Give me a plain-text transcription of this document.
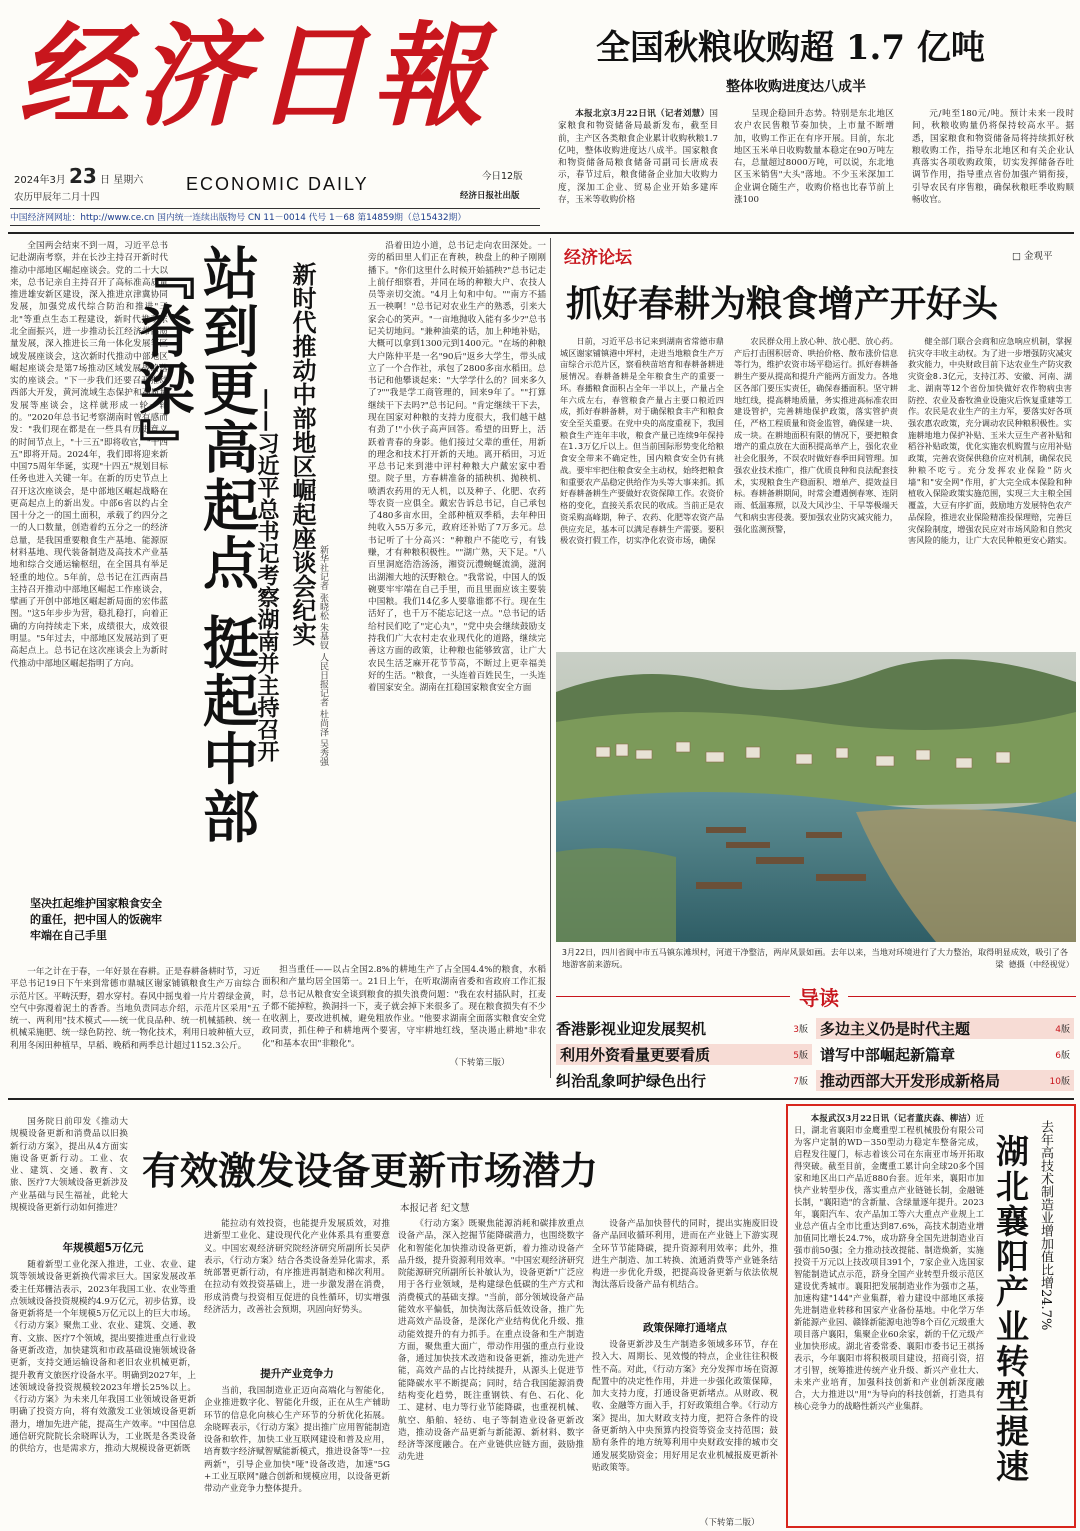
经济日報
2024年3月 23 日 星期六
农历甲辰年二月十四
ECONOMIC DAILY	今日12版
经济日报社出版
中国经济网网址：http://www.ce.cn 国内统一连续出版物号 CN 11－0014 代号 1－68 第14859期（总15432期）
全国秋粮收购超 1.7 亿吨
整体收购进度达八成半

本报北京3月22日讯（记者刘慧）国家粮食和物资储备局最新发布，截至目前，主产区各类粮食企业累计收购秋粮1.7亿吨，整体收购进度达八成半。国家粮食和物资储备局粮食储备司副司长唐成表示，春节过后，粮食储备企业加大收购力度，深加工企业、贸易企业开始多建库存，玉米等收购价格

呈现企稳回升态势。特别是东北地区农户农民售粮节奏加快，上市量不断增加，收购工作正在有序开展。目前，东北地区玉米单日收购数量本稳定在90万吨左右，总量超过8000万吨，可以说，东北地区玉米销售"大头"落地。不少玉米深加工企业调仓随生产，收购价格也比春节前上涨100

元/吨至180元/吨。预计未来一段时间，秋粮收购量仍将保持较高水平。据悉，国家粮食和物资储备局将持续抓好秋粮收购工作，指导东北地区和有关企业认真落实各项收购政策，切实发挥储备吞吐调节作用，指导重点省份加强产销衔接，引导农民有序售粮，确保秋粮旺季收购顺畅收官。

全国两会结束不到一周，习近平总书记赴湖南考察，并在长沙主持召开新时代推动中部地区崛起座谈会。党的二十大以来，总书记亲自主持召开了高标准高质量推进雄安新区建设，深入推进京津冀协同发展，加强党成代综合防治和推进"三北"等重点生态工程建设，新时代推动东北全面振兴，进一步推动长江经济带高质量发展，深入推进长三角一体化发展等区域发展座谈会，这次新时代推动中部地区崛起座谈会是第7场推动区域发展战略落实的座谈会。"下一步我们还要召开推动西部大开发，黄河流域生态保护和高质量发展等座谈会，这样就形成一轮一轮的。"2020年总书记考察湖南时曾有感而发："我们现在都是在一些具有历史意义的时间节点上，"十三五"即将收官，"十四五"即将开局。2024年，我们即将迎来新中国75周年华诞，实现"十四五"规划目标任务也进入关键一年。在新的历史节点上召开这次座谈会，是中部地区崛起战略在更高起点上的新出发。中部6省以约占全国十分之一的国土面积，承载了约四分之一的人口数量，创造着约五分之一的经济总量，是我国重要粮食生产基地、能源原材料基地、现代装备制造及高技术产业基地和综合交通运输枢纽，在全国具有举足轻重的地位。5年前，总书记在江西南昌主持召开推动中部地区崛起工作座谈会，擘画了开创中部地区崛起新局面的宏伟蓝图。"这5年步步为营，稳扎稳打，向着正确的方向持续走下来，成绩很大，成效很明显。"5年过去，中部地区发展站到了更高起点上。总书记在这次座谈会上为新时代推动中部地区崛起指明了方向。 站到更高起点 挺起中部『脊梁』	新时代推动中部地区崛起座谈会纪实
——习近平总书记考察湖南并主持召开	新华社记者 张晓松 朱基钗 人民日报记者 杜尚泽 吴秀强
坚决扛起维护国家粮食安全的重任，把中国人的饭碗牢牢端在自己手里

一年之计在于春，一年好景在春耕。正是春耕备耕时节，习近平总书记19日下午来到常德市鼎城区谢家铺镇粮食生产万亩综合示范片区。平畴沃野，碧水穿村。春风中摇曳着一片片碧绿金黄，空气中弥漫着泥土的香香。当地负责同志介绍，示范片区采用"五统一、两利用"技术模式——统一优良品种、统一机械插秧、统一机械采施肥、统一绿色防控、统一物化技术，利用日坡种植大豆，利用冬闲田种植早，早稻、晚稻和两季总计超过1152.3公斤。

沿着田边小道，总书记走向农田深处。一旁的稻田里人们正在育秧，秧盘上的种子刚刚播下。"你们这里什么时候开始插秧?"总书记走上前仔细察看，并同在场的种粮大户、农技人员等亲切交流。"4月上旬和中旬。""南方不插五一秧啊！"总书记对农业生产的熟悉，引来大家会心的笑声。"一亩地抛收入能有多少?"总书记关切地问。"兼种油菜的话，加上种地补贴，大概可以拿到1300元到1400元。"在场的种粮大户陈仲平是一名"90后"返乡大学生，带头成立了一个合作社，承包了2800多亩水稻田。总书记和他攀谈起来："大学学什么的？回来多久了?""我是学工商管理的，回来9年了。""打算继续干下去吗?"总书记问。"肯定继续干下去，现在国家对种粮的支持力度很大，我们越干越有劲了!"小伙子高声回答。希望的田野上，活跃着青春的身影。他们接过父辈的重任，用新的理念和技术打开新的天地。离开稻田，习近平总书记来到港中评村种粮大户戴宏家中看望。院子里，方春耕准备的插秧机、抛秧机、喷洒农药用的无人机，以及种子、化肥、农药等农资一应俱全。戴宏告诉总书记，自己承包了480多亩水田，全部种植双季稻，去年种田纯收入55万多元，政府还补贴了7万多元。总书记听了十分高兴："种粮户不能吃亏，有钱赚，才有种粮积极性。""湖广熟，天下足。"八百里洞庭浩浩汤汤，湘资沅澧蜿蜒流淌，滋润出湖湘大地的沃野粮仓。"我常说，中国人的饭碗要牢牢端在自己手里，而且里面应该主要装中国粮。我们14亿多人要靠谁都不行。现在生活好了，也千万不能忘记这一点。"总书记的话给村民们吃了"定心丸"，"党中央会继续鼓励支持我们广大农村走农业现代化的道路，继续完善这方面的政策，让种粮也能够致富，让广大农民生活芝麻开花节节高，不断过上更幸福美好的生活。"粮食，一头连着百姓民生，一头连着国家安全。湖南在扛稳国家粮食安全方面

担当重任——以占全国2.8%的耕地生产了占全国4.4%的粮食，水稻面积和产量均居全国第一。21日上午，在听取湖南省委和省政府工作汇报时，总书记从粮食安全谈到粮食的损失浪费问题："我在农村插队时，扛麦子都不能掉粒，换洞抖一下，麦子就会掉下来很多了。现在粮食损失有不少在收割上，要改进机械，避免粗放作业。"他要求湖南全面落实粮食安全党政同责，抓住种子和耕地两个要害，守牢耕地红线，坚决遏止耕地"非农化"和基本农田"非粮化"。

（下转第三版）
经济论坛	□ 金观平
抓好春耕为粮食增产开好头

日前，习近平总书记来到湖南省常德市鼎城区谢家铺镇港中坪村，走进当地粮食生产万亩综合示范片区，察看秧苗培育和春耕备耕进展情况。春耕备耕是全年粮食生产的重要一环。春播粮食面积占全年一半以上，产量占全年六成左右，春管粮食产量占主要口粮近四成，抓好春耕备耕，对于确保粮食丰产和粮食安全至关重要。在党中央的高度重视下，我国粮食生产连年丰收，粮食产量已连续9年保持在1.3万亿斤以上。但当前国际形势变化给粮食安全带来不确定性，国内粮食安全仍有挑战。要牢牢把住粮食安全主动权，始终把粮食和重要农产品稳定供给作为头等大事来抓。抓好春耕备耕生产要做好农资保障工作。农资价格的变化，直接关系农民的收成。当前正是农资采购高峰期，种子、农药、化肥等农资产品供应充足，基本可以满足春耕生产需要。要积极农资打假工作，切实净化农资市场，确保

农民群众用上放心种、放心肥、放心药。产后打击围积居奇、哄抬价格、散布涨价信息等行为，维护农资市场平稳运行。抓好春耕备耕生产要从提高和提升产能两方面发力。各地区各部门要压实责任，确保春播面积。坚守耕地红线，提高耕地质量，务实推进高标准农田建设管护，完善耕地保护政策，落实管护责任，严格工程质量和资金监管，确保建一块、成一块。在耕地面积有限的情况下，要把粮食增产的重点放在大面积提高单产上，强化农业社会化服务，不误农时做好春季田间管理。加强农业技术推广，推广优质良种和良法配套技术，实现粮食生产稳面积、增单产、提效益目标。春耕备耕期间，时常会遭遇倒春寒、连阴雨、低温寡照，以及大风沙尘、干旱等极端天气和病虫害侵袭。要加强农业防灾减灾能力，强化监测预警，

健全部门联合会商和应急响应机制，掌握抗灾夺丰收主动权。为了进一步增强防灾减灾救灾能力，中央财政目前下达农业生产防灾救灾资金8.3亿元，支持江苏、安徽、河南、湖北、湖南等12个省份加快做好农作物病虫害防控、农业及畜牧渔业设施灾后恢复重建等工作。农民是农业生产的主力军，要落实好各项强农惠农政策，充分调动农民种粮积极性。实施耕地地力保护补贴、玉米大豆生产者补贴和稻谷补贴政策，优化实施农机购置与应用补贴政策，完善农资保供稳价应对机制，确保农民种粮不吃亏。充分发挥农业保险"防火墙"和"安全网"作用，扩大完全成本保险和种植收入保险政策实施范围，实现三大主粮全国覆盖，大豆有序扩面，鼓励地方发展特色农产品保险，推进农业保险精准投保理赔，完善巨灾保险制度，增强农民应对市场风险和自然灾害风险的能力，让广大农民种粮更安心踏实。

3月22日，四川省阆中市五马镇东滩坝村，河道干净整洁，两岸风景如画。去年以来，当地对环境进行了大力整治，取得明显成效，吸引了各地游客前来游玩。	梁 德摄（中经视觉）
导读
香港影视业迎发展契机	3版 多边主义仍是时代主题	4版
利用外资看量更要看质	5版 谱写中部崛起新篇章	6版
纠治乱象呵护绿色出行	7版 推动西部大开发形成新格局	10版
有效激发设备更新市场潜力
本报记者 纪文慧

国务院日前印发《推动大规模设备更新和消费品以旧换新行动方案》，提出从4方面实施设备更新行动。工业、农业、建筑、交通、教育、文旅、医疗7大领域设备更新涉及产业基础与民生福祉，此轮大规模设备更新行动如何推进？

年规模超5万亿元

随着新型工业化深入推进，工业、农业、建筑等领域设备更新换代需求巨大。国家发展改革委主任郑栅洁表示，2023年我国工业、农业等重点领域设备投资规模约4.9万亿元，初步估算，设备更新将是一个年规模5万亿元以上的巨大市场。《行动方案》聚焦工业、农业、建筑、交通、教育、文旅、医疗7个领域，提出要推进重点行业设备更新改造，加快建筑和市政基础设施领域设备更新，支持交通运输设备和老旧农业机械更新，提升教育文旅医疗设备水平。明确到2027年，上述领域设备投资规模较2023年增长25%以上。《行动方案》为未来几年我国工业领域设备更新明确了投资方向，将有效激发工业领域设备更新潜力，增加先进产能，提高生产效率。"中国信息通信研究院院长余晓晖认为，工业既是各类设备的供给方，也是需求方，推动大规模设备更新既

能拉动有效投资，也能提升发展质效，对推进新型工业化、建设现代化产业体系具有重要意义。中国宏观经济研究院经济研究所副所长吴萨表示，《行动方案》结合各类设备差异化需求，系统部署更新行动，有序推进再制造和梯次利用。在拉动有效投资基础上，进一步激发潜在消费，形成消费与投资相互促进的良性循环，切实增强经济活力，改善社会预期，巩固向好势头。

提升产业竞争力

当前，我国制造业正迈向高端化与智能化，企业推进数字化、智能化升级，正在从生产辅助环节的信息化向核心生产环节的分析优化拓展。余晓晖表示，《行动方案》提出推广应用智能制造设备和软件，加快工业互联网建设和普及应用，培育数字经济赋智赋能新模式，推进设备等"一拉两新"，引导企业加快"哑"设备改造，加速"5G+工业互联网"融合创新和规模应用，以设备更新带动产业竞争力整体提升。

《行动方案》既聚焦能源消耗和碳排放重点设备产品，深入挖掘节能降碳潜力，也围绕数字化和智能化加快推动设备更新，着力推动设备产品升级，提升资源利用效率。"中国宏观经济研究院能源研究所副所长补敏认为，设备更新"广泛应用于各行业领域，是构建绿色低碳的生产方式和消费模式的基础支撑。"当前，部分领域设备产品能效水平偏低，加快淘汰落后低效设备，推广先进高效产品设备，是深化产业结构优化升级、推动能效提升的有力抓手。在重点设备和生产制造方面，聚焦重大面广，带动作用强的重点行业设备，通过加快技术改造和设备更新，推动先进产能，高效产品的占比持续提升，从源头上促进节能降碳水平不断提高；同时，结合我国能源消费结构变化趋势，既注重钢铁、有色、石化、化工、建材、电力等行业节能降碳，也重视机械、航空、船舶、轻纺、电子等制造业设备更新改造，推动设备产品更新与新能源、新材料、数字经济等深度融合。在产业链供应链方面，鼓励推动先进

设备产品加快替代的同时，提出实施废旧设备产品回收循环利用，进而在产业链上下游实现全环节节能降碳，提升资源利用效率；此外，推进生产制造、加工转换、流通消费等产业链条结构进一步优化升级，把提高设备更新与依法依规淘汰落后设备产品有机结合。

政策保障打通堵点

设备更新涉及生产制造多领域多环节，存在投入大、周期长、见效慢的特点，企业往往积极性不高。对此，《行动方案》充分发挥市场在资源配置中的决定性作用，并进一步强化政策保障，加大支持力度，打通设备更新堵点。从财政、税收、金融等方面入手，打好政策组合拳。《行动方案》提出，加大财政支持力度，把符合条件的设备更新纳入中央预算内投资等资金支持范围；鼓励有条件的地方统筹利用中央财政安排的城市交通发展奖励资金；用好用足农业机械报废更新补贴政策等。

（下转第二版）

本报武汉3月22日讯（记者董庆森、柳洁）近日，湖北省襄阳市金鹰重型工程机械股份有限公司为客户定制的WD－350型动力稳定车整备完成，启程发往厦门，标志着该公司在东南亚市场开拓取得突破。截至目前，金鹰重工累计向全球20多个国家和地区出口产品近880台套。近年来，襄阳市加快产业转型步伐，落实重点产业链链长制，金融链长制，"襄阳造"的含新量、含绿量逐年提升。2023年，襄阳汽车、农产品加工等六大重点产业规上工业总产值占全市比重达到87.6%，高技术制造业增加值同比增长24.7%，成功跻身全国先进制造业百强市前50强；全力推动技改提能、制造焕新，实施投资千万元以上技改项目391个，7家企业入选国家智能制造试点示范，跻身全国产业转型升级示范区建设优秀城市。襄阳把发展制造业作为强市之基，加速构建"144"产业集群，着力建设中部地区承接先进制造业转移和国家产业备份基地。中化学万华新能源产业园、赣锋新能源电池等8个百亿元级重大项目落户襄阳，集聚企业60余家，新的千亿元级产业加快形成。湖北省委常委、襄阳市委书记王祺扬表示，今年襄阳市将积极项目建设，招商引资，招才引智，统筹推进传统产业升级、新兴产业壮大、未来产业培育，加强科技创新和产业创新深度融合，大力推进以"用"为导向的科技创新，打造具有核心竞争力的战略性新兴产业集群。

去年高技术制造业增加值比增24.7%
湖北襄阳产业转型提速
